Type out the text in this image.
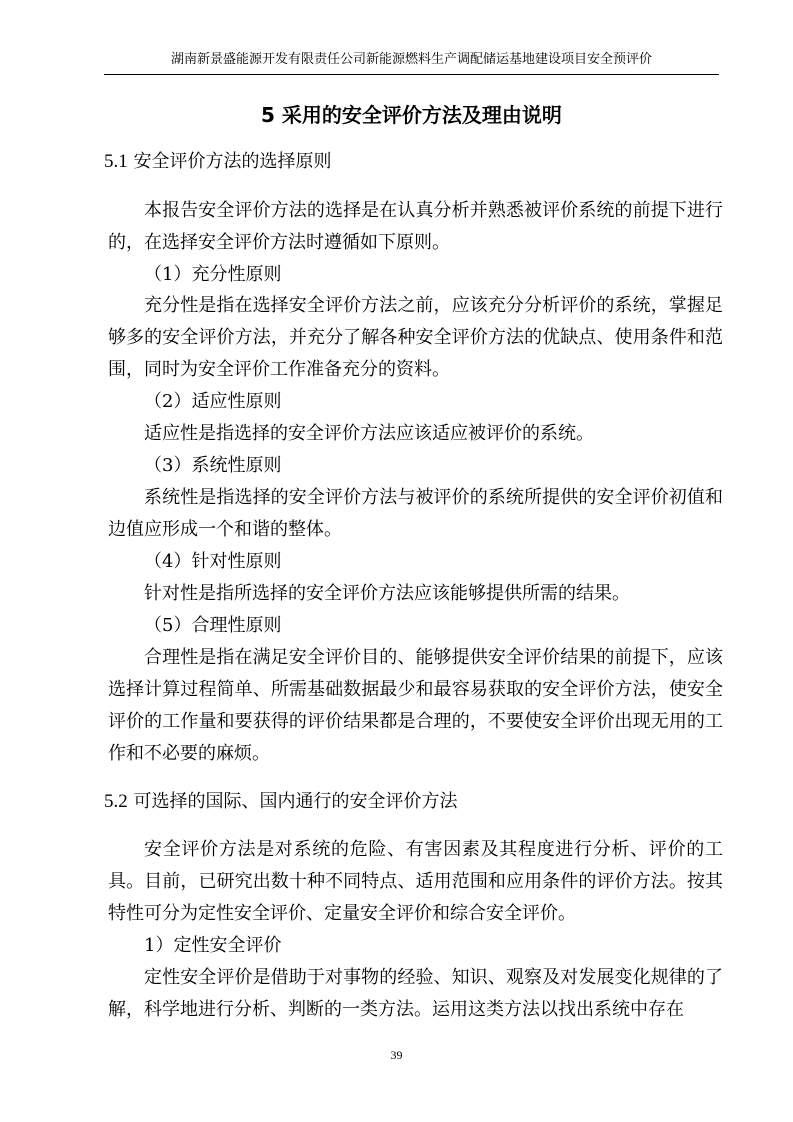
湖南新景盛能源开发有限责任公司新能源燃料生产调配储运基地建设项目安全预评价
5 采用的安全评价方法及理由说明
5.1 安全评价方法的选择原则

本报告安全评价方法的选择是在认真分析并熟悉被评价系统的前提下进行的，在选择安全评价方法时遵循如下原则。

（1）充分性原则

充分性是指在选择安全评价方法之前，应该充分分析评价的系统，掌握足够多的安全评价方法，并充分了解各种安全评价方法的优缺点、使用条件和范围，同时为安全评价工作准备充分的资料。

（2）适应性原则

适应性是指选择的安全评价方法应该适应被评价的系统。

（3）系统性原则

系统性是指选择的安全评价方法与被评价的系统所提供的安全评价初值和边值应形成一个和谐的整体。

（4）针对性原则

针对性是指所选择的安全评价方法应该能够提供所需的结果。

（5）合理性原则

合理性是指在满足安全评价目的、能够提供安全评价结果的前提下，应该选择计算过程简单、所需基础数据最少和最容易获取的安全评价方法，使安全评价的工作量和要获得的评价结果都是合理的，不要使安全评价出现无用的工作和不必要的麻烦。

5.2 可选择的国际、国内通行的安全评价方法

安全评价方法是对系统的危险、有害因素及其程度进行分析、评价的工具。目前，已研究出数十种不同特点、适用范围和应用条件的评价方法。按其特性可分为定性安全评价、定量安全评价和综合安全评价。

1）定性安全评价

定性安全评价是借助于对事物的经验、知识、观察及对发展变化规律的了解，科学地进行分析、判断的一类方法。运用这类方法以找出系统中存在

39
